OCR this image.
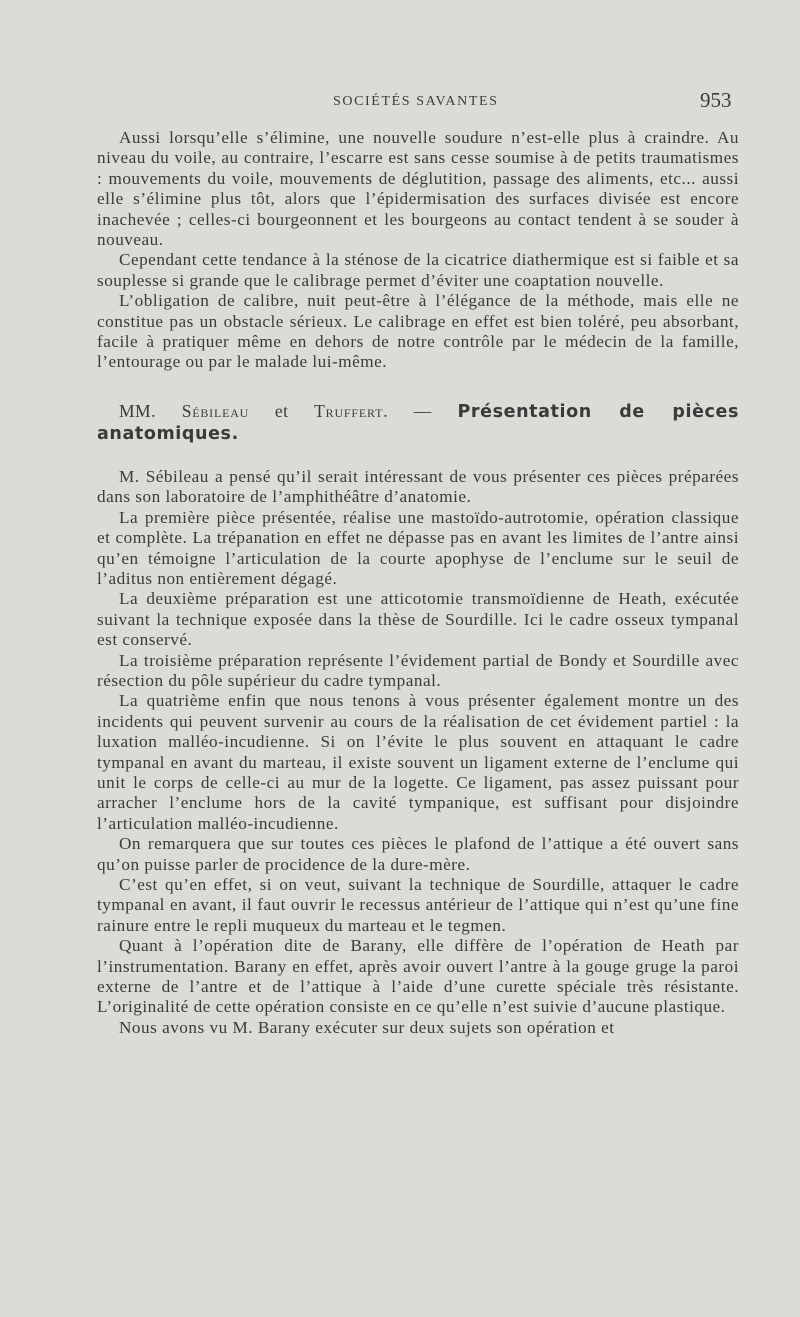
SOCIÉTÉS SAVANTES	953

Aussi lorsqu’elle s’élimine, une nouvelle soudure n’est-elle plus à craindre. Au niveau du voile, au contraire, l’escarre est sans cesse soumise à de petits traumatismes : mouvements du voile, mouvements de déglutition, passage des aliments, etc... aussi elle s’élimine plus tôt, alors que l’épidermisation des surfaces divisée est encore inachevée ; celles-ci bourgeonnent et les bourgeons au contact tendent à se souder à nouveau.

Cependant cette tendance à la sténose de la cicatrice diathermique est si faible et sa souplesse si grande que le calibrage permet d’éviter une coaptation nouvelle.

L’obligation de calibre, nuit peut-être à l’élégance de la méthode, mais elle ne constitue pas un obstacle sérieux. Le calibrage en effet est bien toléré, peu absorbant, facile à pratiquer même en dehors de notre contrôle par le médecin de la famille, l’entourage ou par le malade lui-même.

MM. Sébileau et Truffert. — Présentation de pièces anatomiques.

M. Sébileau a pensé qu’il serait intéressant de vous présenter ces pièces préparées dans son laboratoire de l’amphithéâtre d’anatomie.

La première pièce présentée, réalise une mastoïdo-autrotomie, opération classique et complète. La trépanation en effet ne dépasse pas en avant les limites de l’antre ainsi qu’en témoigne l’articulation de la courte apophyse de l’enclume sur le seuil de l’aditus non entièrement dégagé.

La deuxième préparation est une atticotomie transmoïdienne de Heath, exécutée suivant la technique exposée dans la thèse de Sourdille. Ici le cadre osseux tympanal est conservé.

La troisième préparation représente l’évidement partial de Bondy et Sourdille avec résection du pôle supérieur du cadre tympanal.

La quatrième enfin que nous tenons à vous présenter également montre un des incidents qui peuvent survenir au cours de la réalisation de cet évidement partiel : la luxation malléo-incudienne. Si on l’évite le plus souvent en attaquant le cadre tympanal en avant du marteau, il existe souvent un ligament externe de l’enclume qui unit le corps de celle-ci au mur de la logette. Ce ligament, pas assez puissant pour arracher l’enclume hors de la cavité tympanique, est suffisant pour disjoindre l’articulation malléo-incudienne.

On remarquera que sur toutes ces pièces le plafond de l’attique a été ouvert sans qu’on puisse parler de procidence de la dure-mère.

C’est qu’en effet, si on veut, suivant la technique de Sourdille, attaquer le cadre tympanal en avant, il faut ouvrir le recessus antérieur de l’attique qui n’est qu’une fine rainure entre le repli muqueux du marteau et le tegmen.

Quant à l’opération dite de Barany, elle diffère de l’opération de Heath par l’instrumentation. Barany en effet, après avoir ouvert l’antre à la gouge gruge la paroi externe de l’antre et de l’attique à l’aide d’une curette spéciale très résistante. L’originalité de cette opération consiste en ce qu’elle n’est suivie d’aucune plastique.

Nous avons vu M. Barany exécuter sur deux sujets son opération et
